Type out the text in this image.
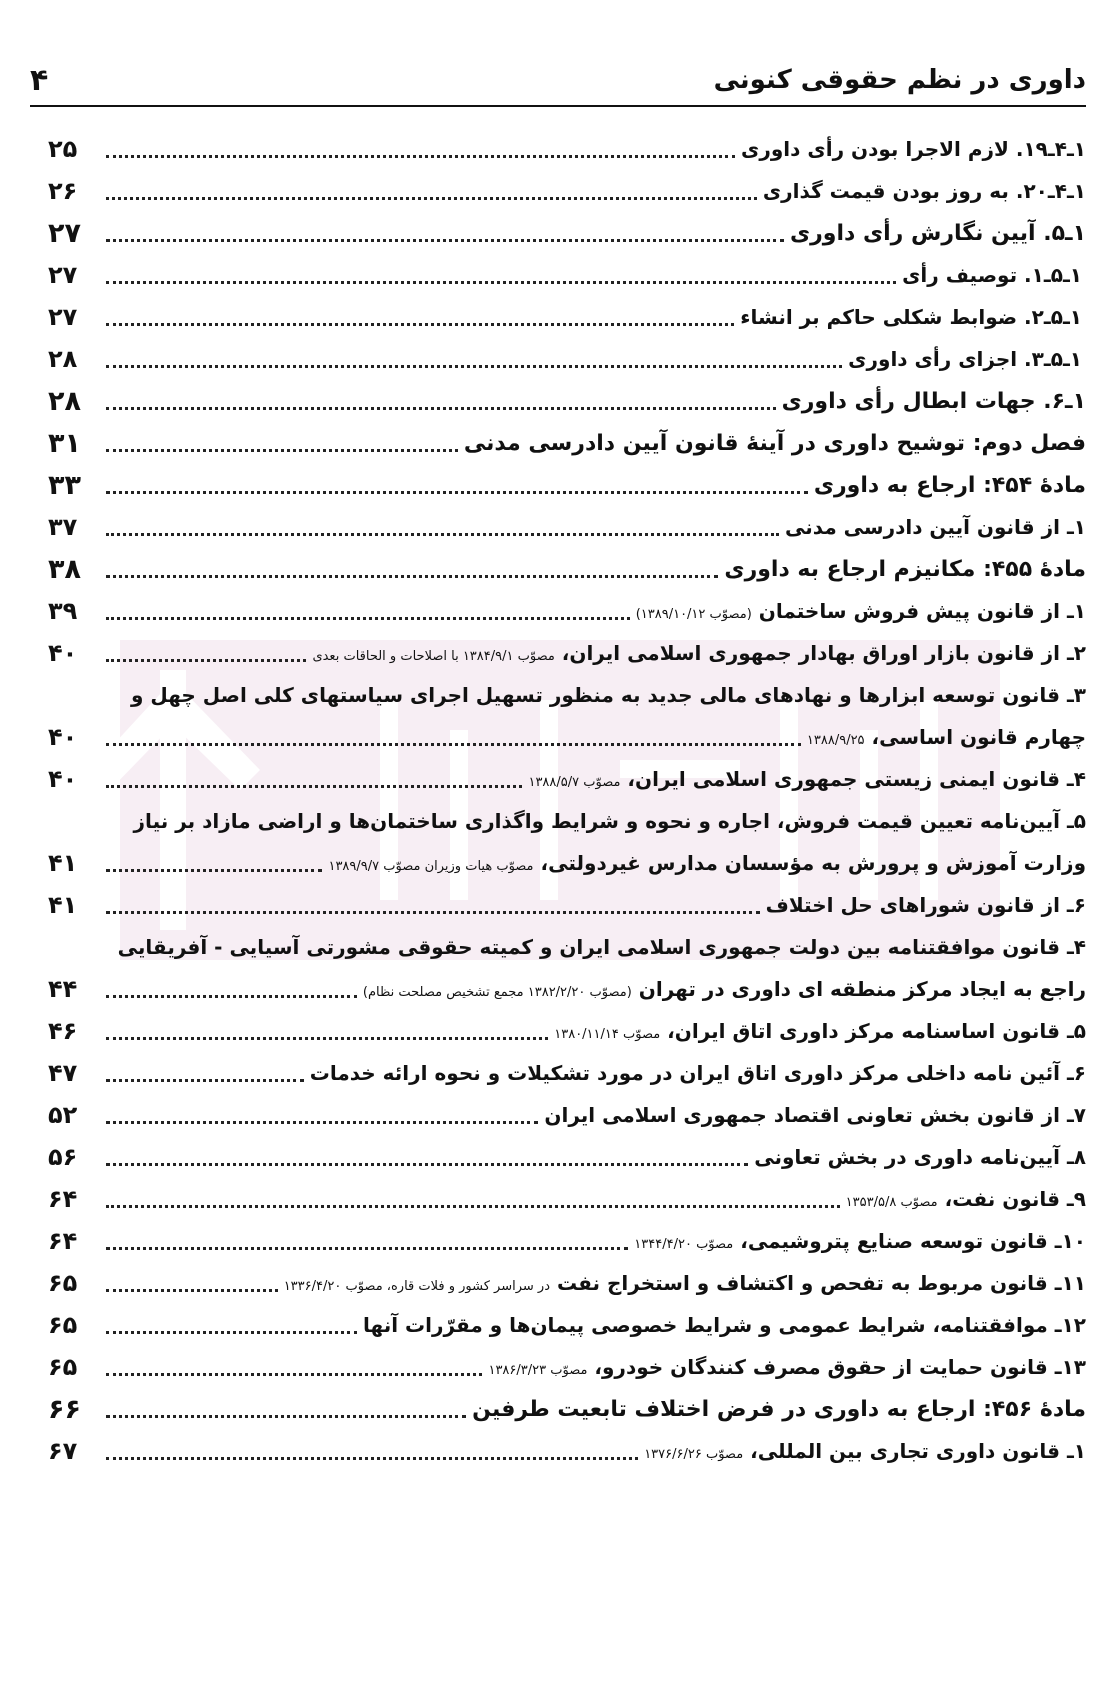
داوری در نظم حقوقی کنونی
۴
۱ـ۴ـ۱۹. لازم الاجرا بودن رأی داوری
۲۵
۱ـ۴ـ۲۰. به روز بودن قیمت گذاری
۲۶
۱ـ۵. آیین نگارش رأی داوری
۲۷
۱ـ۵ـ۱. توصیف رأی
۲۷
۱ـ۵ـ۲. ضوابط شکلی حاکم بر انشاء
۲۷
۱ـ۵ـ۳. اجزای رأی داوری
۲۸
۱ـ۶. جهات ابطال رأی داوری
۲۸
فصل دوم: توشیح داوری در آینهٔ قانون آیین دادرسی مدنی
۳۱
مادهٔ ۴۵۴: ارجاع به داوری
۳۳
۱ـ از قانون آیین دادرسی مدنی
۳۷
مادهٔ ۴۵۵: مکانیزم ارجاع به داوری
۳۸
۱ـ از قانون پیش فروش ساختمان (مصوّب ۱۳۸۹/۱۰/۱۲)
۳۹
۲ـ از قانون بازار اوراق بهادار جمهوری اسلامی ایران، مصوّب ۱۳۸۴/۹/۱ با اصلاحات و الحاقات بعدی
۴۰
۳ـ قانون توسعه ابزارها و نهادهای مالی جدید به منظور تسهیل اجرای سیاستهای کلی اصل چهل و
چهارم قانون اساسی، ۱۳۸۸/۹/۲۵
۴۰
۴ـ قانون ایمنی زیستی جمهوری اسلامی ایران، مصوّب ۱۳۸۸/۵/۷
۴۰
۵ـ آیین‌نامه تعیین قیمت فروش، اجاره و نحوه و شرایط واگذاری ساختمان‌ها و اراضی مازاد بر نیاز
وزارت آموزش و پرورش به مؤسسان مدارس غیردولتی، مصوّب هیات وزیران مصوّب ۱۳۸۹/۹/۷
۴۱
۶ـ از قانون شوراهای حل اختلاف
۴۱
۴ـ قانون موافقتنامه بین دولت جمهوری اسلامی ایران و کمیته حقوقی مشورتی آسیایی - آفریقایی
راجع به ایجاد مرکز منطقه ای داوری در تهران (مصوّب ۱۳۸۲/۲/۲۰ مجمع تشخیص مصلحت نظام)
۴۴
۵ـ قانون اساسنامه مرکز داوری اتاق ایران، مصوّب ۱۳۸۰/۱۱/۱۴
۴۶
۶ـ آئین نامه داخلی مرکز داوری اتاق ایران در مورد تشکیلات و نحوه ارائه خدمات
۴۷
۷ـ از قانون بخش تعاونی اقتصاد جمهوری اسلامی ایران
۵۲
۸ـ آیین‌نامه داوری در بخش تعاونی
۵۶
۹ـ قانون نفت، مصوّب ۱۳۵۳/۵/۸
۶۴
۱۰ـ قانون توسعه صنایع پتروشیمی، مصوّب ۱۳۴۴/۴/۲۰
۶۴
۱۱ـ قانون مربوط به تفحص و اکتشاف و استخراج نفت در سراسر کشور و فلات قاره، مصوّب ۱۳۳۶/۴/۲۰
۶۵
۱۲ـ موافقتنامه، شرایط عمومی و شرایط خصوصی پیمان‌ها و مقرّرات آنها
۶۵
۱۳ـ قانون حمایت از حقوق مصرف کنندگان خودرو، مصوّب ۱۳۸۶/۳/۲۳
۶۵
مادهٔ ۴۵۶: ارجاع به داوری در فرض اختلاف تابعیت طرفین
۶۶
۱ـ قانون داوری تجاری بین المللی، مصوّب ۱۳۷۶/۶/۲۶
۶۷
